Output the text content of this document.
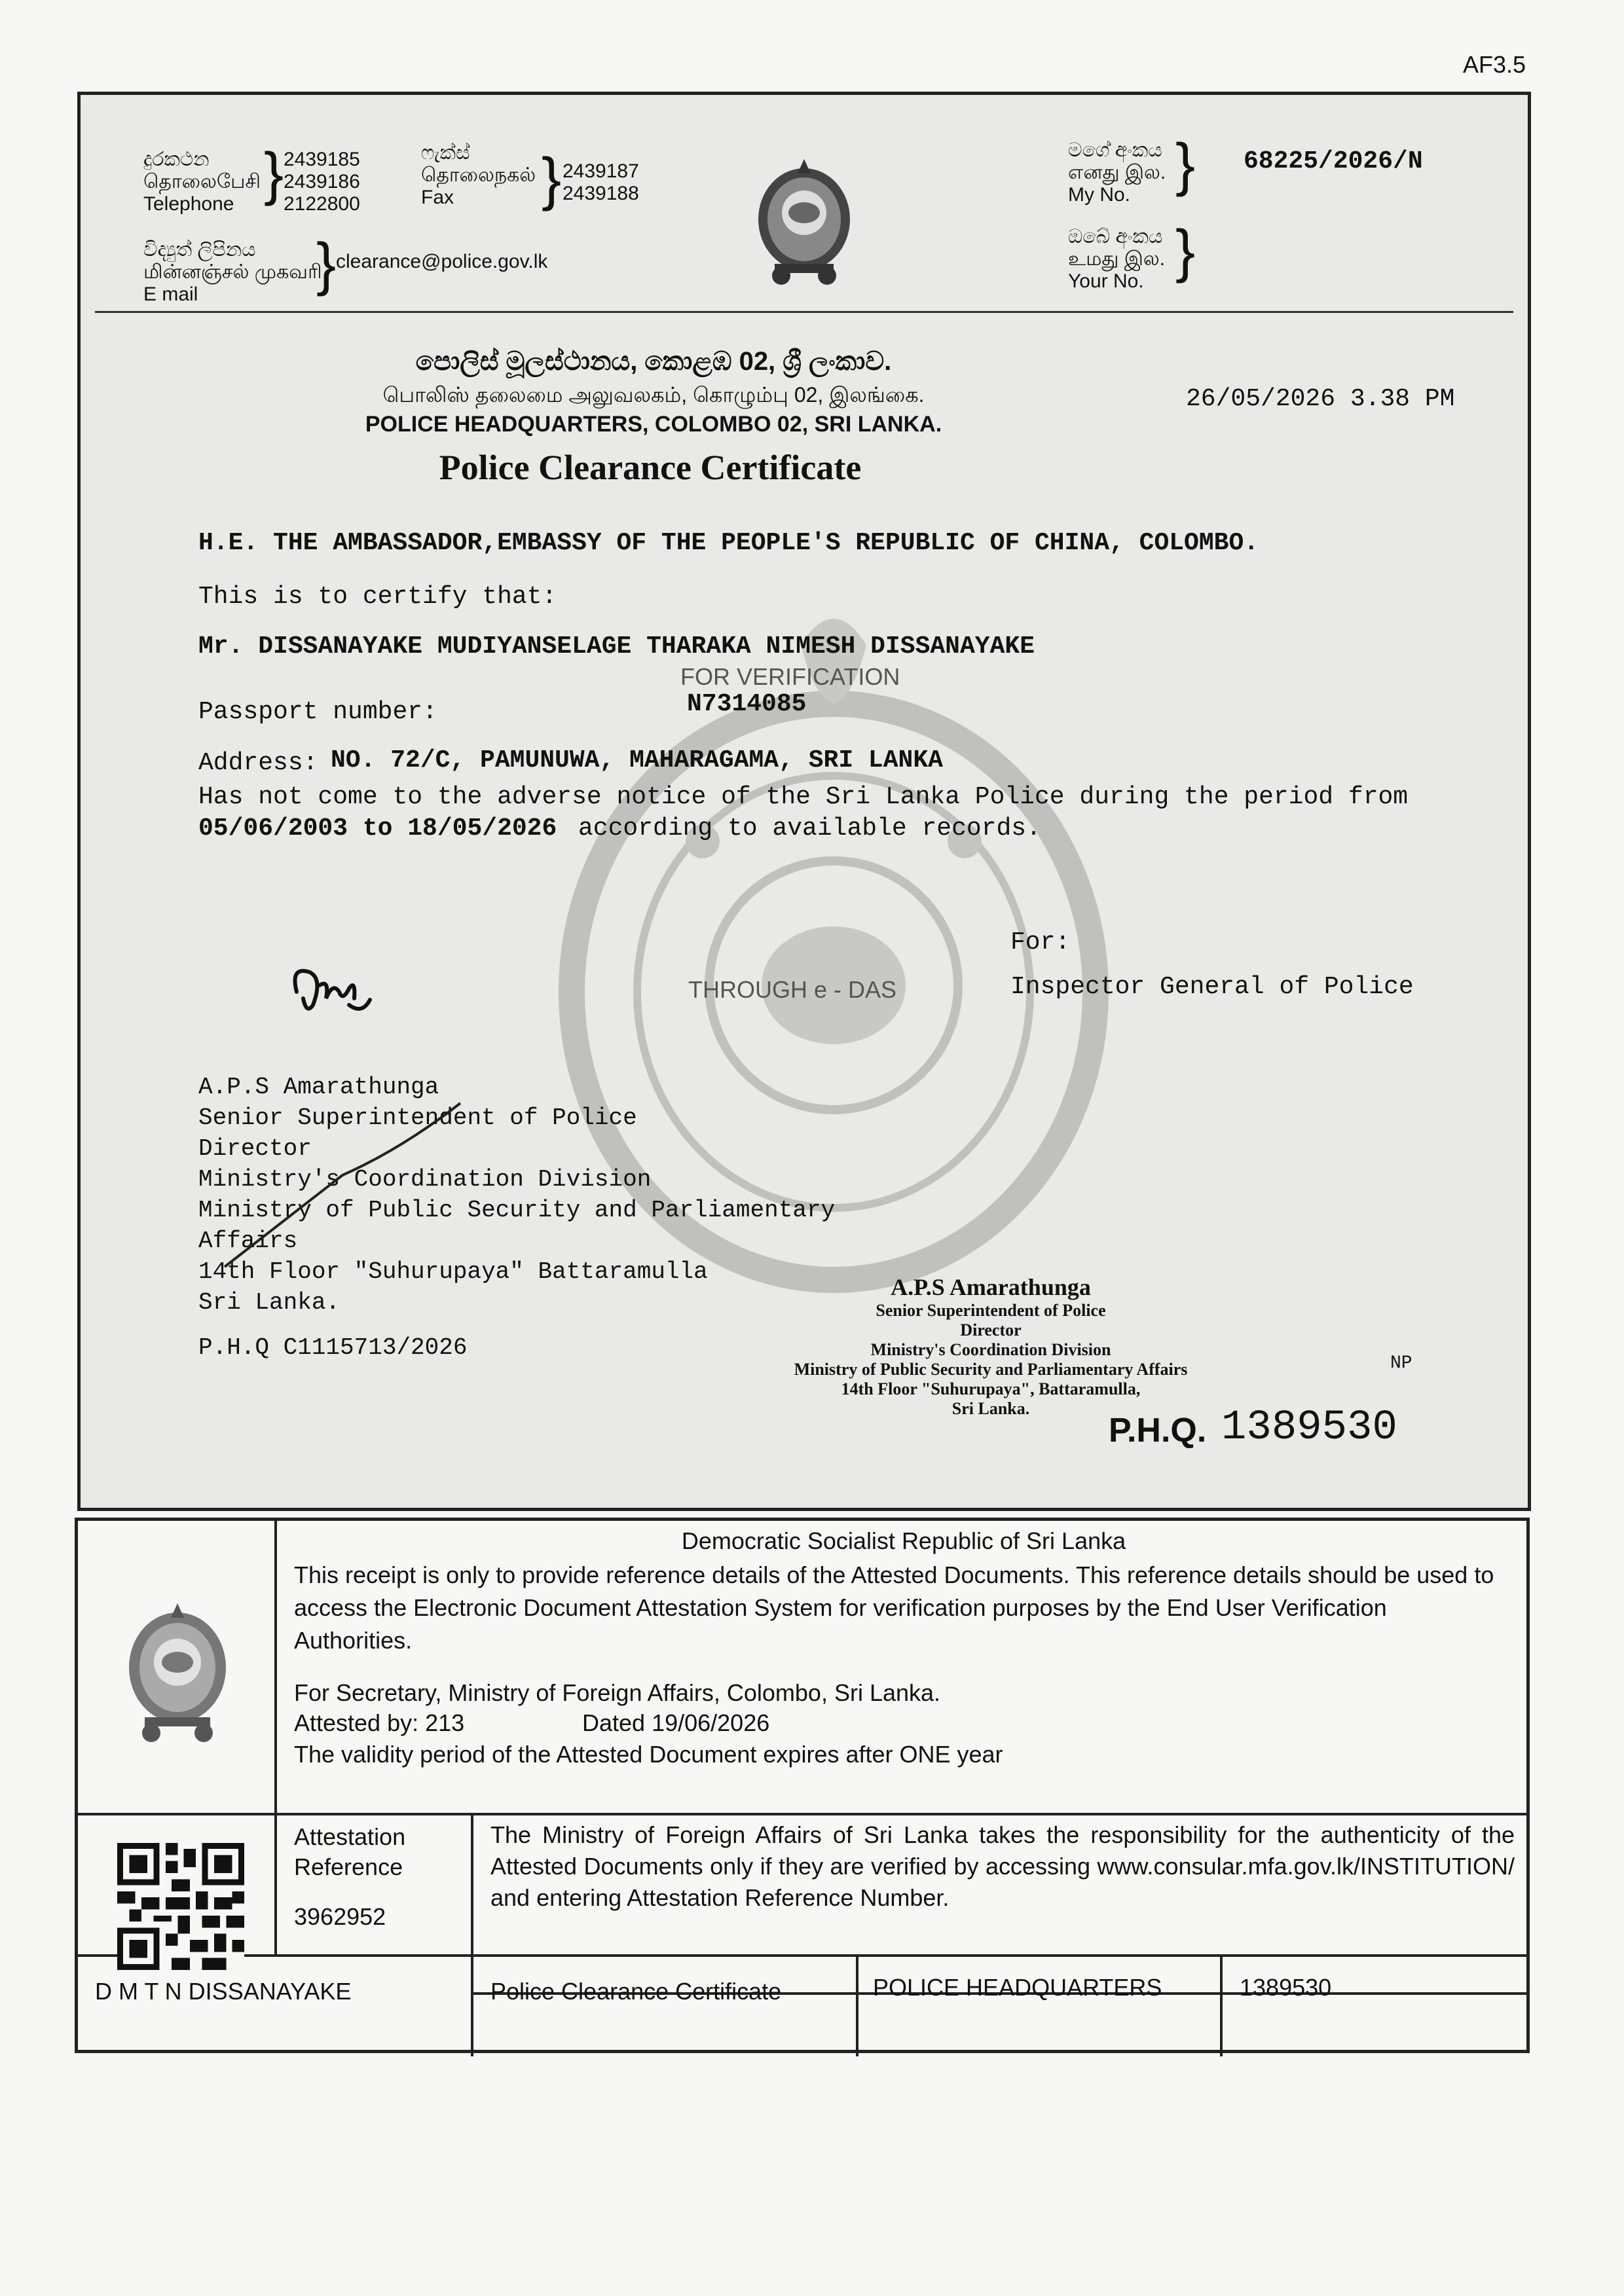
AF3.5
දුරකථන
தொலைபேசி
Telephone } 2439185
2439186
2122800
ෆැක්ස්
தொலைநகல்
Fax	} 2439187
2439188
විද්‍යුත් ලිපිනය
மின்னஞ்சல் முகவரி
E mail	} clearance@police.gov.lk
මගේ අංකය
எனது இல.
My No. } 68225/2026/N
ඔබේ අංකය
உமது இல.
Your No. }
පොලිස් මූලස්ථානය, කොළඹ 02, ශ්‍රී ලංකාව.
பொலிஸ் தலைமை அலுவலகம், கொழும்பு 02, இலங்கை.
POLICE HEADQUARTERS, COLOMBO 02, SRI LANKA.
26/05/2026 3.38 PM
Police Clearance Certificate
H.E. THE AMBASSADOR,EMBASSY OF THE PEOPLE'S REPUBLIC OF CHINA, COLOMBO.
This is to certify that:
Mr. DISSANAYAKE MUDIYANSELAGE THARAKA NIMESH DISSANAYAKE
FOR VERIFICATION
Passport number:	N7314085
Address: NO. 72/C, PAMUNUWA, MAHARAGAMA, SRI LANKA
Has not come to the adverse notice of the Sri Lanka Police during the period from
05/06/2003 to 18/05/2026 according to available records.
For:
Inspector General of Police
THROUGH e - DAS
A.P.S Amarathunga
Senior Superintendent of Police
Director
Ministry's Coordination Division
Ministry of Public Security and Parliamentary
Affairs
14th Floor "Suhurupaya" Battaramulla
Sri Lanka.
P.H.Q C1115713/2026
A.P.S Amarathunga
Senior Superintendent of Police
Director
Ministry's Coordination Division
Ministry of Public Security and Parliamentary Affairs
14th Floor "Suhurupaya", Battaramulla,
Sri Lanka.
NP
P.H.Q. 1389530
Democratic Socialist Republic of Sri Lanka
This receipt is only to provide reference details of the Attested Documents. This reference details should be used to access the Electronic Document Attestation System for verification purposes by the End User Verification Authorities.
For Secretary, Ministry of Foreign Affairs, Colombo, Sri Lanka.
Attested by: 213	Dated 19/06/2026
The validity period of the Attested Document expires after ONE year
Attestation
Reference
3962952
The Ministry of Foreign Affairs of Sri Lanka takes the responsibility for the authenticity of the Attested Documents only if they are verified by accessing www.consular.mfa.gov.lk/INSTITUTION/ and entering Attestation Reference Number.
D M T N DISSANAYAKE	Police Clearance Certificate	POLICE HEADQUARTERS	1389530
